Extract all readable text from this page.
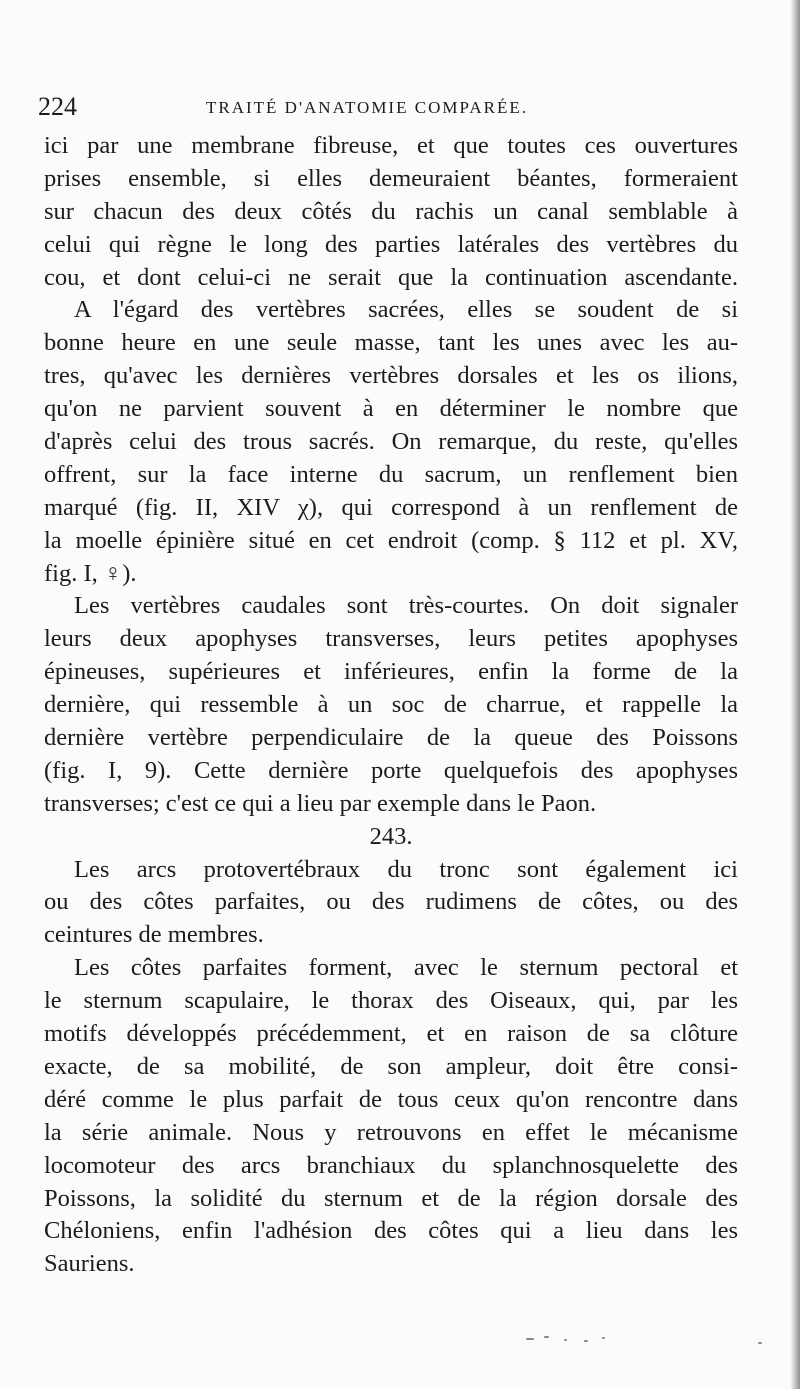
224	TRAITÉ D'ANATOMIE COMPARÉE.
ici par une membrane fibreuse, et que toutes ces ouvertures
prises ensemble, si elles demeuraient béantes, formeraient
sur chacun des deux côtés du rachis un canal semblable à
celui qui règne le long des parties latérales des vertèbres du
cou, et dont celui-ci ne serait que la continuation ascendante.
A l'égard des vertèbres sacrées, elles se soudent de si
bonne heure en une seule masse, tant les unes avec les au-
tres, qu'avec les dernières vertèbres dorsales et les os ilions,
qu'on ne parvient souvent à en déterminer le nombre que
d'après celui des trous sacrés. On remarque, du reste, qu'elles
offrent, sur la face interne du sacrum, un renflement bien
marqué (fig. II, XIV χ), qui correspond à un renflement de
la moelle épinière situé en cet endroit (comp. § 112 et pl. XV,
fig. I, ♀).
Les vertèbres caudales sont très-courtes. On doit signaler
leurs deux apophyses transverses, leurs petites apophyses
épineuses, supérieures et inférieures, enfin la forme de la
dernière, qui ressemble à un soc de charrue, et rappelle la
dernière vertèbre perpendiculaire de la queue des Poissons
(fig. I, 9). Cette dernière porte quelquefois des apophyses
transverses; c'est ce qui a lieu par exemple dans le Paon.
243.
Les arcs protovertébraux du tronc sont également ici
ou des côtes parfaites, ou des rudimens de côtes, ou des
ceintures de membres.
Les côtes parfaites forment, avec le sternum pectoral et
le sternum scapulaire, le thorax des Oiseaux, qui, par les
motifs développés précédemment, et en raison de sa clôture
exacte, de sa mobilité, de son ampleur, doit être consi-
déré comme le plus parfait de tous ceux qu'on rencontre dans
la série animale. Nous y retrouvons en effet le mécanisme
locomoteur des arcs branchiaux du splanchnosquelette des
Poissons, la solidité du sternum et de la région dorsale des
Chéloniens, enfin l'adhésion des côtes qui a lieu dans les
Sauriens.
